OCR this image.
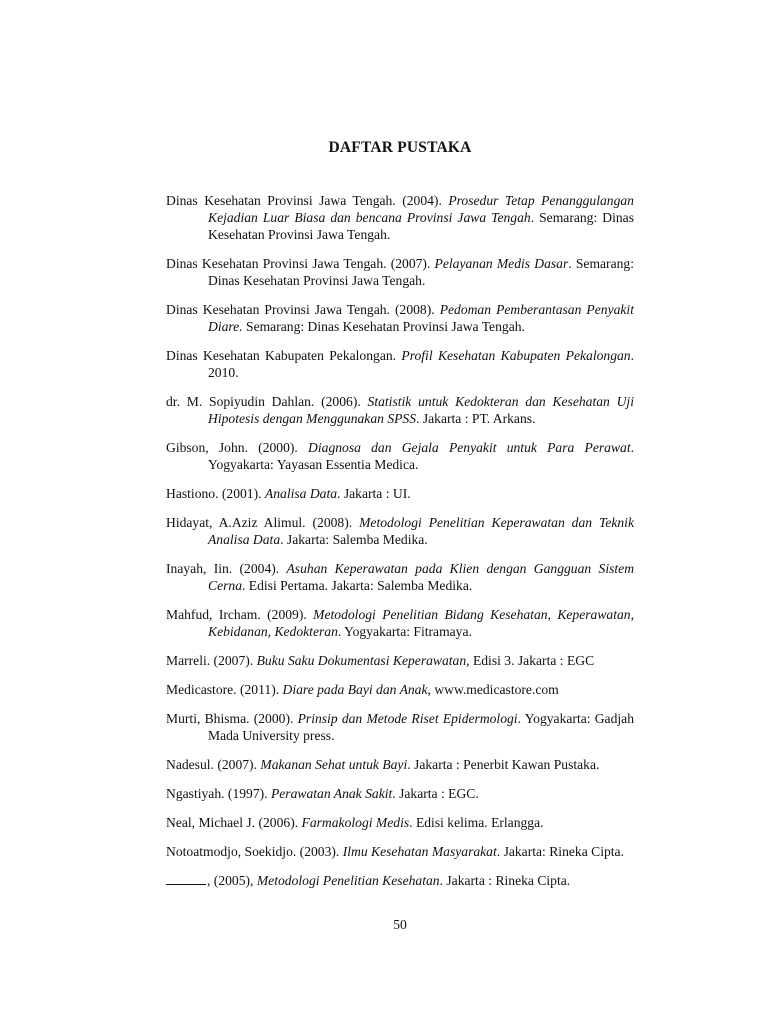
DAFTAR PUSTAKA

Dinas Kesehatan Provinsi Jawa Tengah. (2004). Prosedur Tetap Penanggulangan Kejadian Luar Biasa dan bencana Provinsi Jawa Tengah. Semarang: Dinas Kesehatan Provinsi Jawa Tengah.

Dinas Kesehatan Provinsi Jawa Tengah. (2007). Pelayanan Medis Dasar. Semarang: Dinas Kesehatan Provinsi Jawa Tengah.

Dinas Kesehatan Provinsi Jawa Tengah. (2008). Pedoman Pemberantasan Penyakit Diare. Semarang: Dinas Kesehatan Provinsi Jawa Tengah.

Dinas Kesehatan Kabupaten Pekalongan. Profil Kesehatan Kabupaten Pekalongan. 2010.

dr. M. Sopiyudin Dahlan. (2006). Statistik untuk Kedokteran dan Kesehatan Uji Hipotesis dengan Menggunakan SPSS. Jakarta : PT. Arkans.

Gibson, John. (2000). Diagnosa dan Gejala Penyakit untuk Para Perawat. Yogyakarta: Yayasan Essentia Medica.

Hastiono. (2001). Analisa Data. Jakarta : UI.

Hidayat, A.Aziz Alimul. (2008). Metodologi Penelitian Keperawatan dan Teknik Analisa Data. Jakarta: Salemba Medika.

Inayah, Iin. (2004). Asuhan Keperawatan pada Klien dengan Gangguan Sistem Cerna. Edisi Pertama. Jakarta: Salemba Medika.

Mahfud, Ircham. (2009). Metodologi Penelitian Bidang Kesehatan, Keperawatan, Kebidanan, Kedokteran. Yogyakarta: Fitramaya.

Marreli. (2007). Buku Saku Dokumentasi Keperawatan, Edisi 3. Jakarta : EGC

Medicastore. (2011). Diare pada Bayi dan Anak, www.medicastore.com

Murti, Bhisma. (2000). Prinsip dan Metode Riset Epidermologi. Yogyakarta: Gadjah Mada University press.

Nadesul. (2007). Makanan Sehat untuk Bayi. Jakarta : Penerbit Kawan Pustaka.

Ngastiyah. (1997). Perawatan Anak Sakit. Jakarta : EGC.

Neal, Michael J. (2006). Farmakologi Medis. Edisi kelima. Erlangga.

Notoatmodjo, Soekidjo. (2003). Ilmu Kesehatan Masyarakat. Jakarta: Rineka Cipta.

, (2005), Metodologi Penelitian Kesehatan. Jakarta : Rineka Cipta.

50
